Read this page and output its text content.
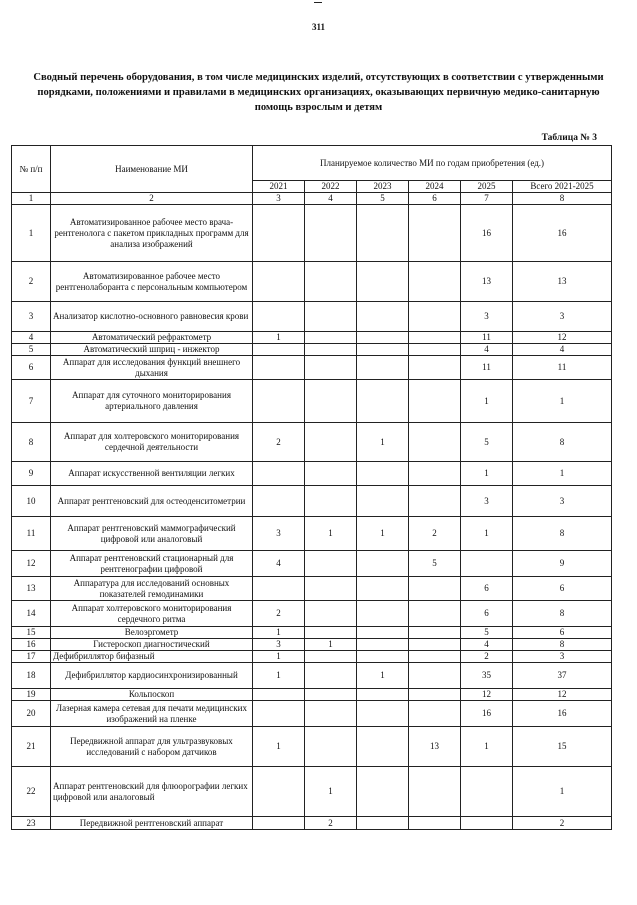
311
Сводный перечень оборудования, в том числе медицинских изделий, отсутствующих в соответствии с утвержденными порядками, положениями и правилами в медицинских организациях, оказывающих первичную медико-санитарную помощь взрослым и детям
Таблица № 3
№ п/п	Наименование МИ	Планируемое количество МИ по годам приобретения (ед.)					
		2021	2022	2023	2024	2025	Всего 2021-2025
1	2	3	4	5	6	7	8
1	Автоматизированное рабочее место врача-рентгенолога с пакетом прикладных программ для анализа изображений					16	16
2	Автоматизированное рабочее место рентгенолаборанта с персональным компьютером					13	13
3	Анализатор кислотно-основного равновесия крови					3	3
4	Автоматический рефрактометр	1				11	12
5	Автоматический шприц - инжектор					4	4
6	Аппарат для исследования функций внешнего дыхания					11	11
7	Аппарат для суточного мониторирования артериального давления					1	1
8	Аппарат для холтеровского мониторирования сердечной деятельности	2		1		5	8
9	Аппарат искусственной вентиляции легких					1	1
10	Аппарат рентгеновский для остеоденситометрии					3	3
11	Аппарат рентгеновский маммографический цифровой или аналоговый	3	1	1	2	1	8
12	Аппарат рентгеновский стационарный для рентгенографии цифровой	4			5		9
13	Аппаратура для исследований основных показателей гемодинамики					6	6
14	Аппарат холтеровского мониторирования сердечного ритма	2				6	8
15	Велоэргометр	1				5	6
16	Гистероскоп диагностический	3	1			4	8
17	Дефибриллятор бифазный	1				2	3
18	Дефибриллятор кардиосинхронизированный	1		1		35	37
19	Кольпоскоп					12	12
20	Лазерная камера сетевая для печати медицинских изображений на пленке					16	16
21	Передвижной аппарат для ультразвуковых исследований с набором датчиков	1			13	1	15
22	Аппарат рентгеновский для флюорографии легких цифровой или аналоговый		1				1
23	Передвижной рентгеновский аппарат		2				2
